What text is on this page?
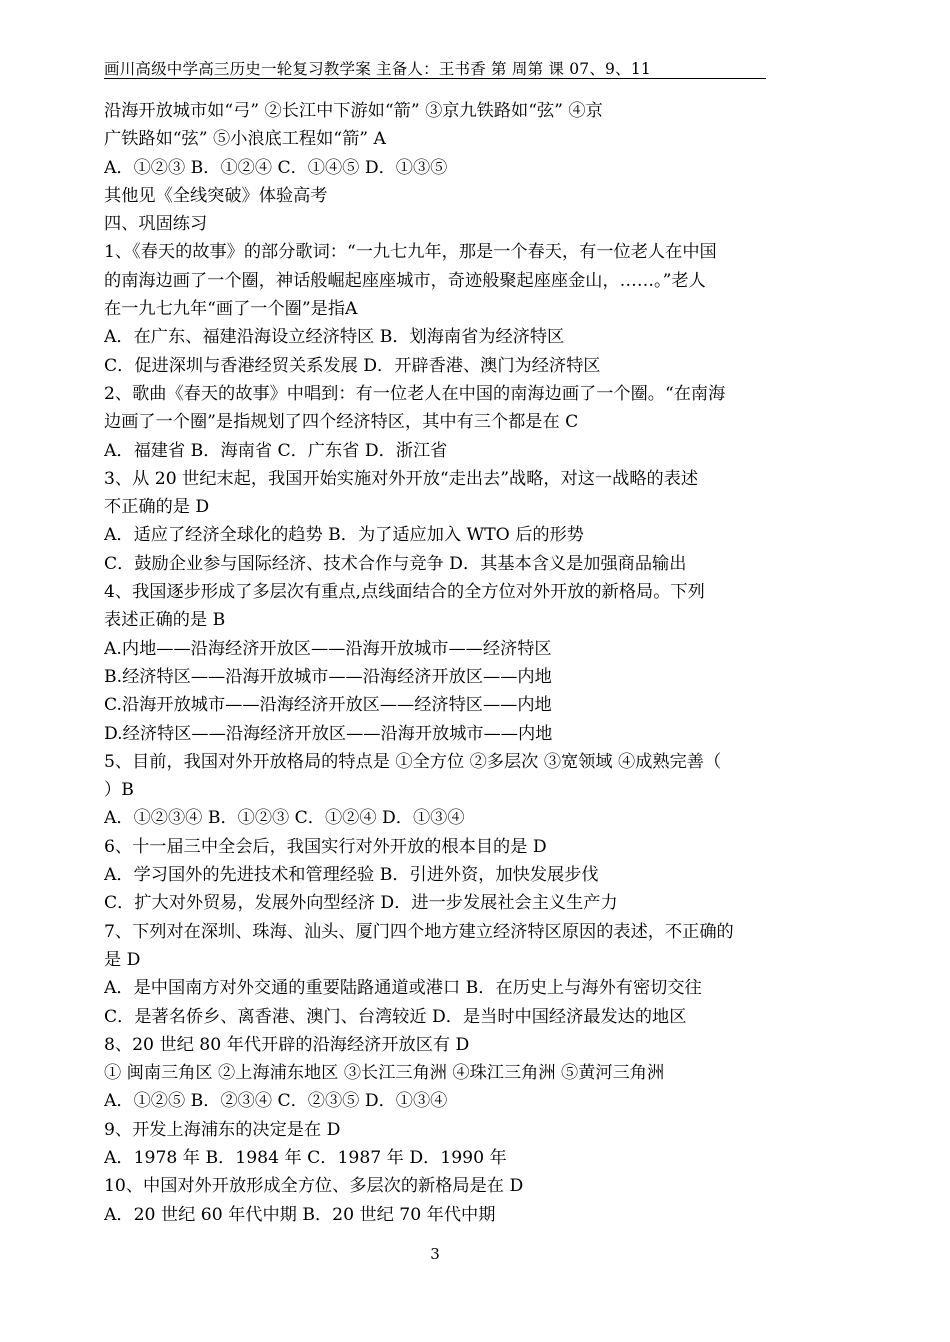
画川高级中学高三历史一轮复习教学案 主备人：王书香 第 周第 课 07、9、11
沿海开放城市如“弓” ②长江中下游如“箭” ③京九铁路如“弦” ④京
广铁路如“弦” ⑤小浪底工程如“箭” A
A．①②③ B．①②④ C．①④⑤ D．①③⑤
其他见《全线突破》体验高考
四、巩固练习
1、《春天的故事》的部分歌词：“一九七九年，那是一个春天，有一位老人在中国
的南海边画了一个圈，神话般崛起座座城市，奇迹般聚起座座金山，……。”老人
在一九七九年“画了一个圈”是指A
A．在广东、福建沿海设立经济特区 B．划海南省为经济特区
C．促进深圳与香港经贸关系发展 D．开辟香港、澳门为经济特区
2、歌曲《春天的故事》中唱到：有一位老人在中国的南海边画了一个圈。“在南海
边画了一个圈”是指规划了四个经济特区，其中有三个都是在 C
A．福建省 B．海南省 C．广东省 D．浙江省
3、从 20 世纪末起，我国开始实施对外开放“走出去”战略，对这一战略的表述
不正确的是 D
A．适应了经济全球化的趋势 B．为了适应加入 WTO 后的形势
C．鼓励企业参与国际经济、技术合作与竞争 D．其基本含义是加强商品输出
4、我国逐步形成了多层次有重点,点线面结合的全方位对外开放的新格局。下列
表述正确的是 B
A.内地——沿海经济开放区——沿海开放城市——经济特区
B.经济特区——沿海开放城市——沿海经济开放区——内地
C.沿海开放城市——沿海经济开放区——经济特区——内地
D.经济特区——沿海经济开放区——沿海开放城市——内地
5、目前，我国对外开放格局的特点是 ①全方位 ②多层次 ③宽领域 ④成熟完善（
）B
A．①②③④ B．①②③ C．①②④ D．①③④
6、十一届三中全会后，我国实行对外开放的根本目的是 D
A．学习国外的先进技术和管理经验 B．引进外资，加快发展步伐
C．扩大对外贸易，发展外向型经济 D．进一步发展社会主义生产力
7、下列对在深圳、珠海、汕头、厦门四个地方建立经济特区原因的表述，不正确的
是 D
A．是中国南方对外交通的重要陆路通道或港口 B．在历史上与海外有密切交往
C．是著名侨乡、离香港、澳门、台湾较近 D．是当时中国经济最发达的地区
8、20 世纪 80 年代开辟的沿海经济开放区有 D
① 闽南三角区 ②上海浦东地区 ③长江三角洲 ④珠江三角洲 ⑤黄河三角洲
A．①②⑤ B．②③④ C．②③⑤ D．①③④
9、开发上海浦东的决定是在 D
A．1978 年 B．1984 年 C．1987 年 D．1990 年
10、中国对外开放形成全方位、多层次的新格局是在 D
A．20 世纪 60 年代中期 B．20 世纪 70 年代中期
3
